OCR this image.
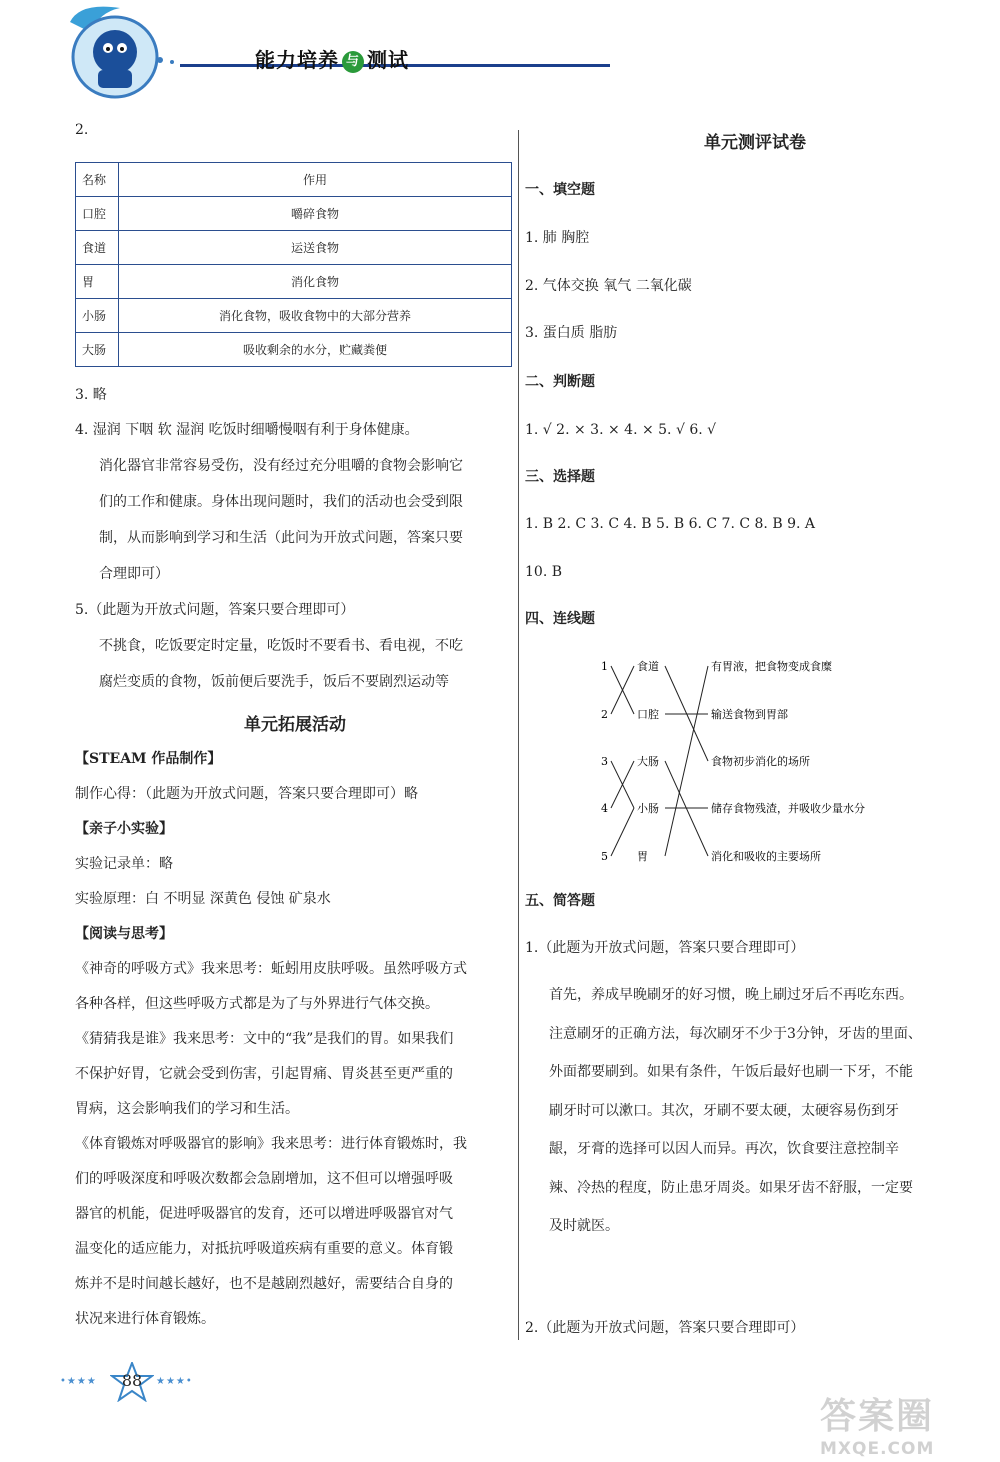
能力培养 与 测试
2.
名称	作用
口腔	嚼碎食物
食道	运送食物
胃	消化食物
小肠	消化食物，吸收食物中的大部分营养
大肠	吸收剩余的水分，贮藏粪便
3. 略
4. 湿润 下咽 软 湿润 吃饭时细嚼慢咽有利于身体健康。
消化器官非常容易受伤，没有经过充分咀嚼的食物会影响它
们的工作和健康。身体出现问题时，我们的活动也会受到限
制，从而影响到学习和生活（此问为开放式问题，答案只要
合理即可）
5.（此题为开放式问题，答案只要合理即可）
不挑食，吃饭要定时定量，吃饭时不要看书、看电视，不吃
腐烂变质的食物，饭前便后要洗手，饭后不要剧烈运动等
单元拓展活动
【STEAM 作品制作】
制作心得：（此题为开放式问题，答案只要合理即可）略
【亲子小实验】
实验记录单：略
实验原理：白 不明显 深黄色 侵蚀 矿泉水
【阅读与思考】
《神奇的呼吸方式》我来思考：蚯蚓用皮肤呼吸。虽然呼吸方式
各种各样，但这些呼吸方式都是为了与外界进行气体交换。
《猜猜我是谁》我来思考：文中的“我”是我们的胃。如果我们
不保护好胃，它就会受到伤害，引起胃痛、胃炎甚至更严重的
胃病，这会影响我们的学习和生活。
《体育锻炼对呼吸器官的影响》我来思考：进行体育锻炼时，我
们的呼吸深度和呼吸次数都会急剧增加，这不但可以增强呼吸
器官的机能，促进呼吸器官的发育，还可以增进呼吸器官对气
温变化的适应能力，对抵抗呼吸道疾病有重要的意义。体育锻
炼并不是时间越长越好，也不是越剧烈越好，需要结合自身的
状况来进行体育锻炼。
单元测评试卷
一、填空题
1. 肺 胸腔
2. 气体交换 氧气 二氧化碳
3. 蛋白质 脂肪
二、判断题
1. √ 2. × 3. × 4. × 5. √ 6. √
三、选择题
1. B 2. C 3. C 4. B 5. B 6. C 7. C 8. B 9. A
10. B
四、连线题
1
2
3
4
5
食道
口腔
大肠
小肠
胃
有胃液，把食物变成食糜
输送食物到胃部
食物初步消化的场所
储存食物残渣，并吸收少量水分
消化和吸收的主要场所
五、简答题
1.（此题为开放式问题，答案只要合理即可）
首先，养成早晚刷牙的好习惯，晚上刷过牙后不再吃东西。
注意刷牙的正确方法，每次刷牙不少于3分钟，牙齿的里面、
外面都要刷到。如果有条件，午饭后最好也刷一下牙，不能
刷牙时可以漱口。其次，牙刷不要太硬，太硬容易伤到牙
龈，牙膏的选择可以因人而异。再次，饮食要注意控制辛
辣、冷热的程度，防止患牙周炎。如果牙齿不舒服，一定要
及时就医。
2.（此题为开放式问题，答案只要合理即可）
•★★★	88	★★★•
答案圈
MXQE.COM
